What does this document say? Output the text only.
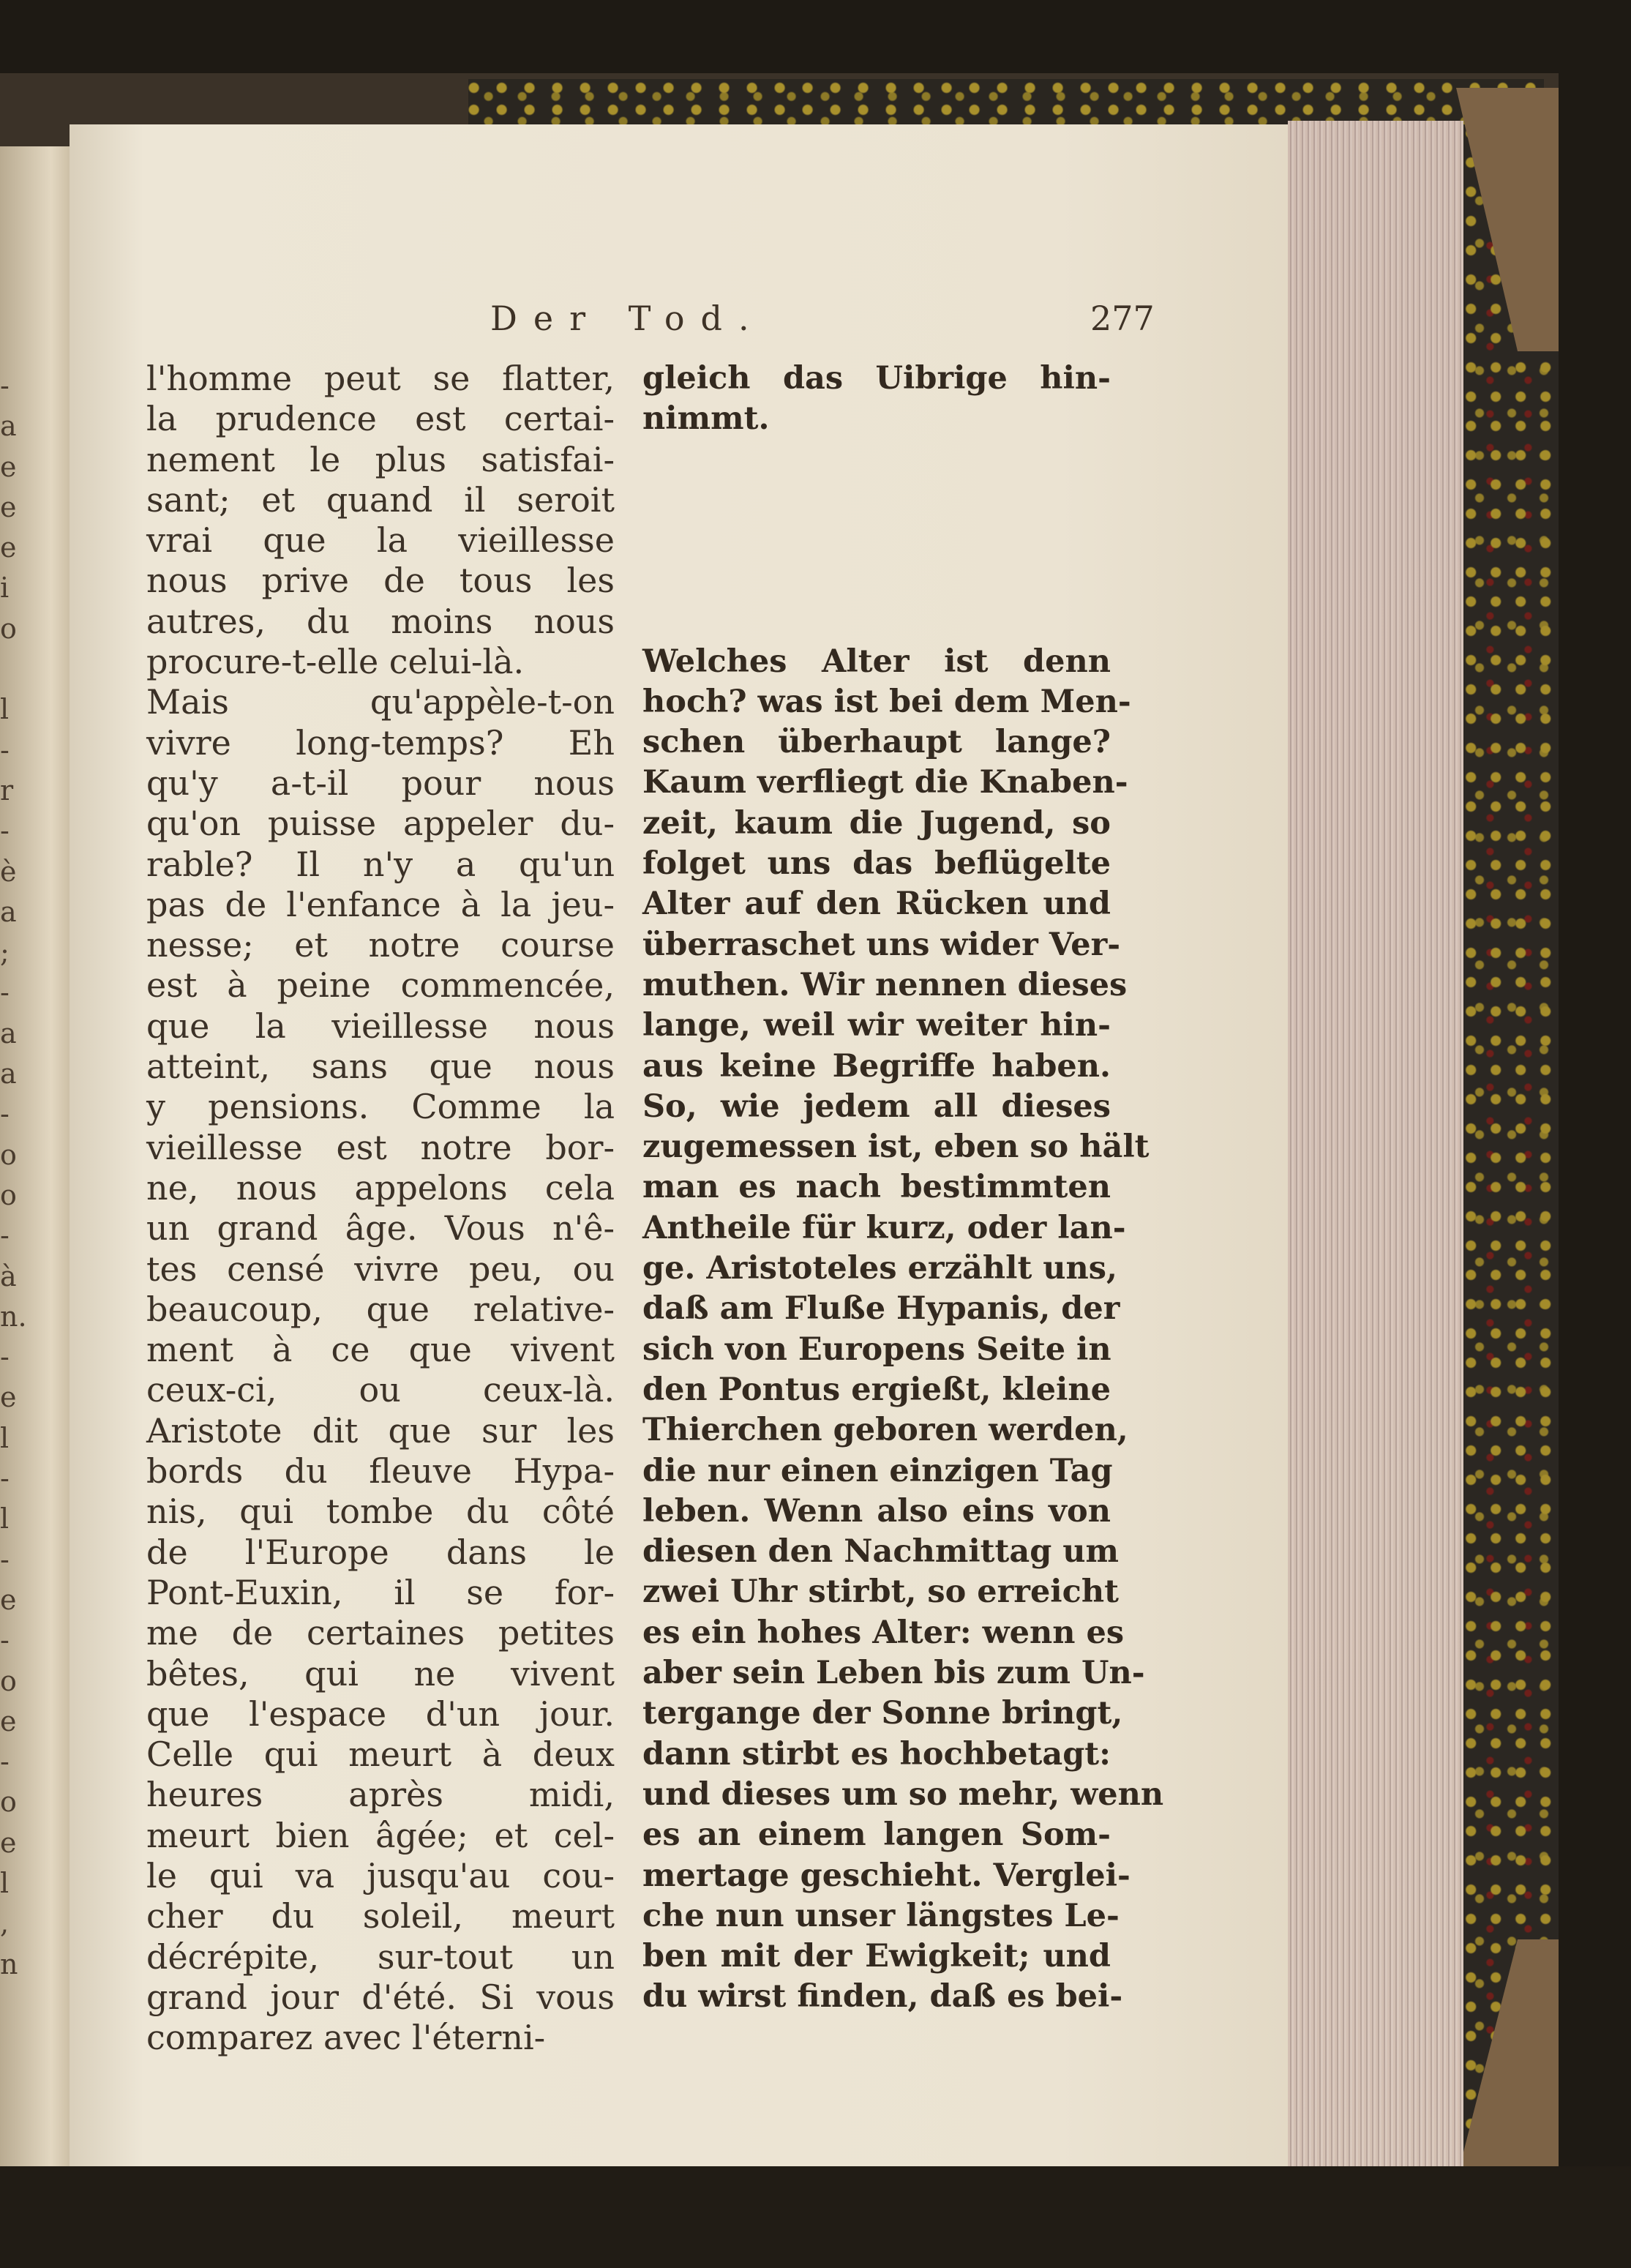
-
a
e
e
e
i
o
l
-
r
-
è
a
;
-
a
a
-
o
o
-
à
n.
-
e
l
-
l
-
e
-
o
e
-
o
e
l
,
n
Der Tod.	277
l'homme peut se flatter,
la prudence est certai-
nement le plus satisfai-
sant; et quand il seroit
vrai que la vieillesse
nous prive de tous les
autres, du moins nous
procure-t-elle celui-là.
Mais qu'appèle-t-on
vivre long-temps? Eh
qu'y a-t-il pour nous
qu'on puisse appeler du-
rable? Il n'y a qu'un
pas de l'enfance à la jeu-
nesse; et notre course
est à peine commencée,
que la vieillesse nous
atteint, sans que nous
y pensions. Comme la
vieillesse est notre bor-
ne, nous appelons cela
un grand âge. Vous n'ê-
tes censé vivre peu, ou
beaucoup, que relative-
ment à ce que vivent
ceux-ci, ou ceux-là.
Aristote dit que sur les
bords du fleuve Hypa-
nis, qui tombe du côté
de l'Europe dans le
Pont-Euxin, il se for-
me de certaines petites
bêtes, qui ne vivent
que l'espace d'un jour.
Celle qui meurt à deux
heures après midi,
meurt bien âgée; et cel-
le qui va jusqu'au cou-
cher du soleil, meurt
décrépite, sur-tout un
grand jour d'été. Si vous
comparez avec l'éterni-
gleich das Uibrige hin-
nimmt.
Welches Alter ist denn
hoch? was ist bei dem Men-
schen überhaupt lange?
Kaum verfliegt die Knaben-
zeit, kaum die Jugend, so
folget uns das beflügelte
Alter auf den Rücken und
überraschet uns wider Ver-
muthen. Wir nennen dieses
lange, weil wir weiter hin-
aus keine Begriffe haben.
So, wie jedem all dieses
zugemessen ist, eben so hält
man es nach bestimmten
Antheile für kurz, oder lan-
ge. Aristoteles erzählt uns,
daß am Fluße Hypanis, der
sich von Europens Seite in
den Pontus ergießt, kleine
Thierchen geboren werden,
die nur einen einzigen Tag
leben. Wenn also eins von
diesen den Nachmittag um
zwei Uhr stirbt, so erreicht
es ein hohes Alter: wenn es
aber sein Leben bis zum Un-
tergange der Sonne bringt,
dann stirbt es hochbetagt:
und dieses um so mehr, wenn
es an einem langen Som-
mertage geschieht. Verglei-
che nun unser längstes Le-
ben mit der Ewigkeit; und
du wirst finden, daß es bei-
